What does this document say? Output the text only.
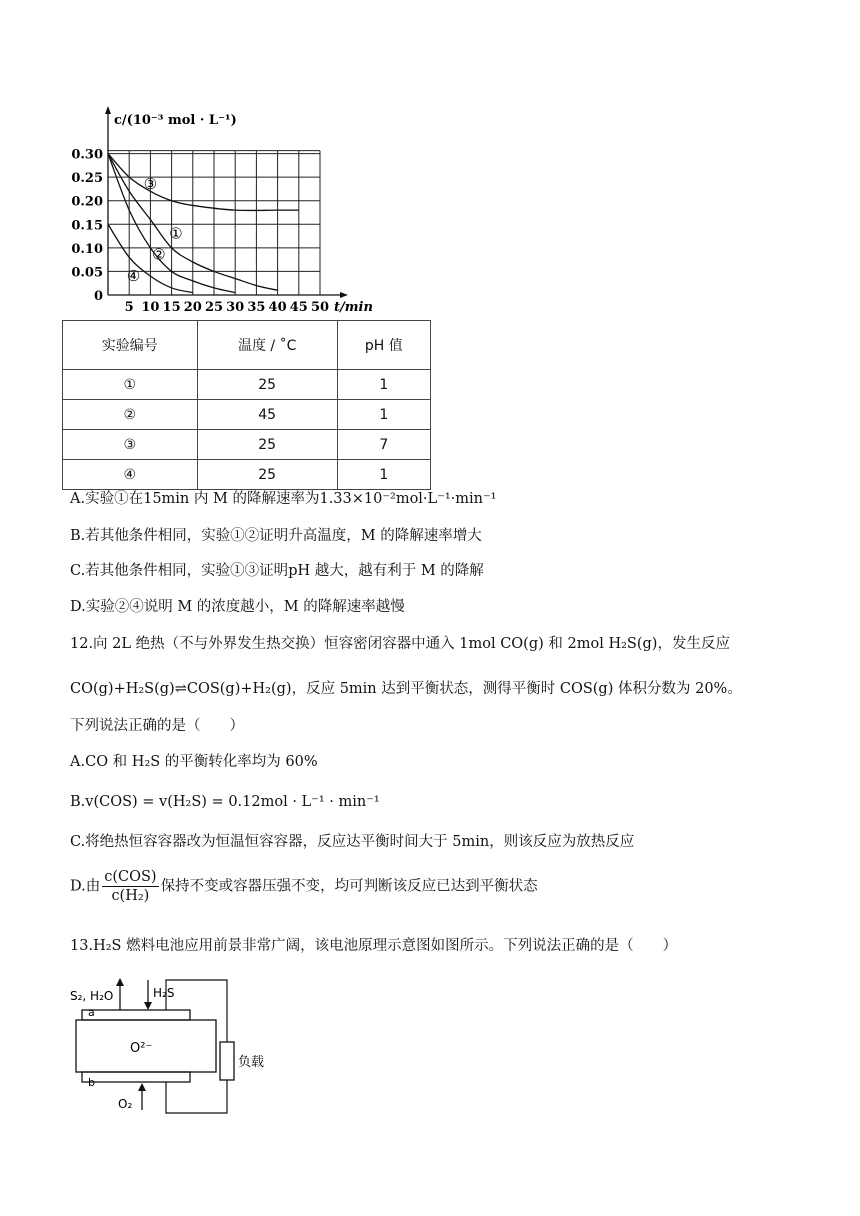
0.30
0.25
0.20
0.15
0.10
0.05
0
5 10 15 20 25 30 35 40 45 50
c/(10⁻³ mol · L⁻¹)
t/min
③
①
②
④
实验编号	温度 / ˚C	pH 值
①	25	1
②	45	1
③	25	7
④	25	1
A.实验①在15min 内 M 的降解速率为1.33×10⁻²mol·L⁻¹·min⁻¹
B.若其他条件相同，实验①②证明升高温度，M 的降解速率增大
C.若其他条件相同，实验①③证明pH 越大，越有利于 M 的降解
D.实验②④说明 M 的浓度越小，M 的降解速率越慢
12.向 2L 绝热（不与外界发生热交换）恒容密闭容器中通入 1mol CO(g) 和 2mol H₂S(g)，发生反应
CO(g)+H₂S(g)⇌COS(g)+H₂(g)，反应 5min 达到平衡状态，测得平衡时 COS(g) 体积分数为 20%。
下列说法正确的是（　　）
A.CO 和 H₂S 的平衡转化率均为 60%
B.v(COS) = v(H₂S) = 0.12mol · L⁻¹ · min⁻¹
C.将绝热恒容容器改为恒温恒容容器，反应达平衡时间大于 5min，则该反应为放热反应
D.由 $\frac{\text{c(COS)}}{\text{c(H₂)}}$ 保持不变或容器压强不变，均可判断该反应已达到平衡状态
13.H₂S 燃料电池应用前景非常广阔，该电池原理示意图如图所示。下列说法正确的是（　　）
S₂, H₂O	H₂S
a
b
O²⁻
负载
O₂
